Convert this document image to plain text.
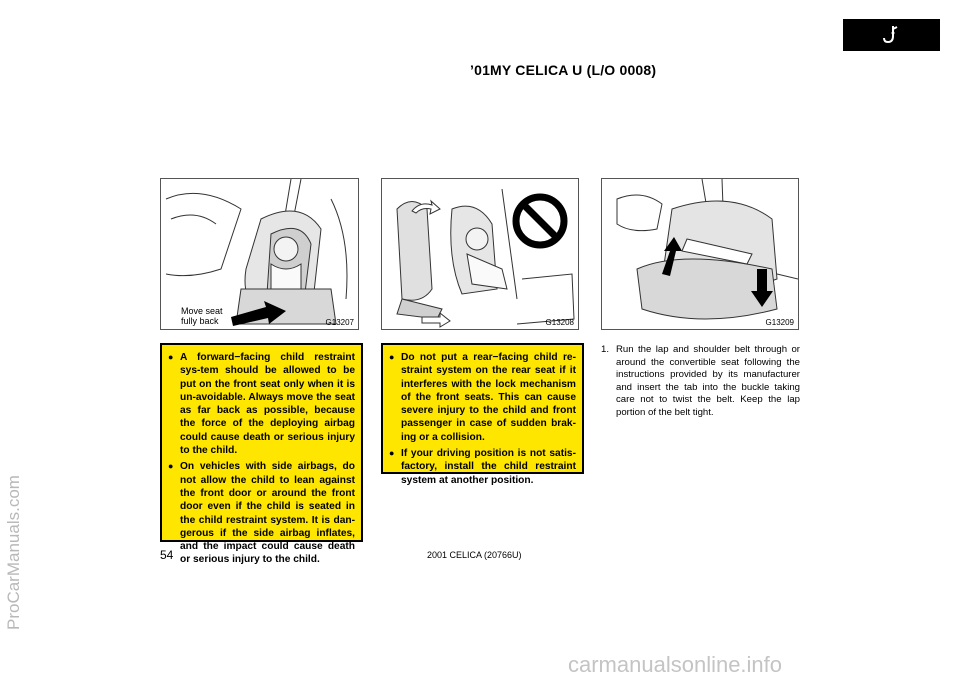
’01MY CELICA U (L/O 0008)
ProCarManuals.com
Move seat
fully back	G13207	G13208	G13209
● A forward−facing child restraint sys-tem should be allowed to be put on the front seat only when it is un-avoidable. Always move the seat as far back as possible, because the force of the deploying airbag could cause death or serious injury to the child.
● On vehicles with side airbags, do not allow the child to lean against the front door or around the front door even if the child is seated in the child restraint system. It is dan-gerous if the side airbag inflates, and the impact could cause death or serious injury to the child.
● Do not put a rear−facing child re-straint system on the rear seat if it interferes with the lock mechanism of the front seats. This can cause severe injury to the child and front passenger in case of sudden brak-ing or a collision.
● If your driving position is not satis-factory, install the child restraint system at another position.
1. Run the lap and shoulder belt through or around the convertible seat following the instructions provided by its manufacturer and insert the tab into the buckle taking care not to twist the belt. Keep the lap portion of the belt tight.
54	2001 CELICA (20766U)
carmanualsonline.info
